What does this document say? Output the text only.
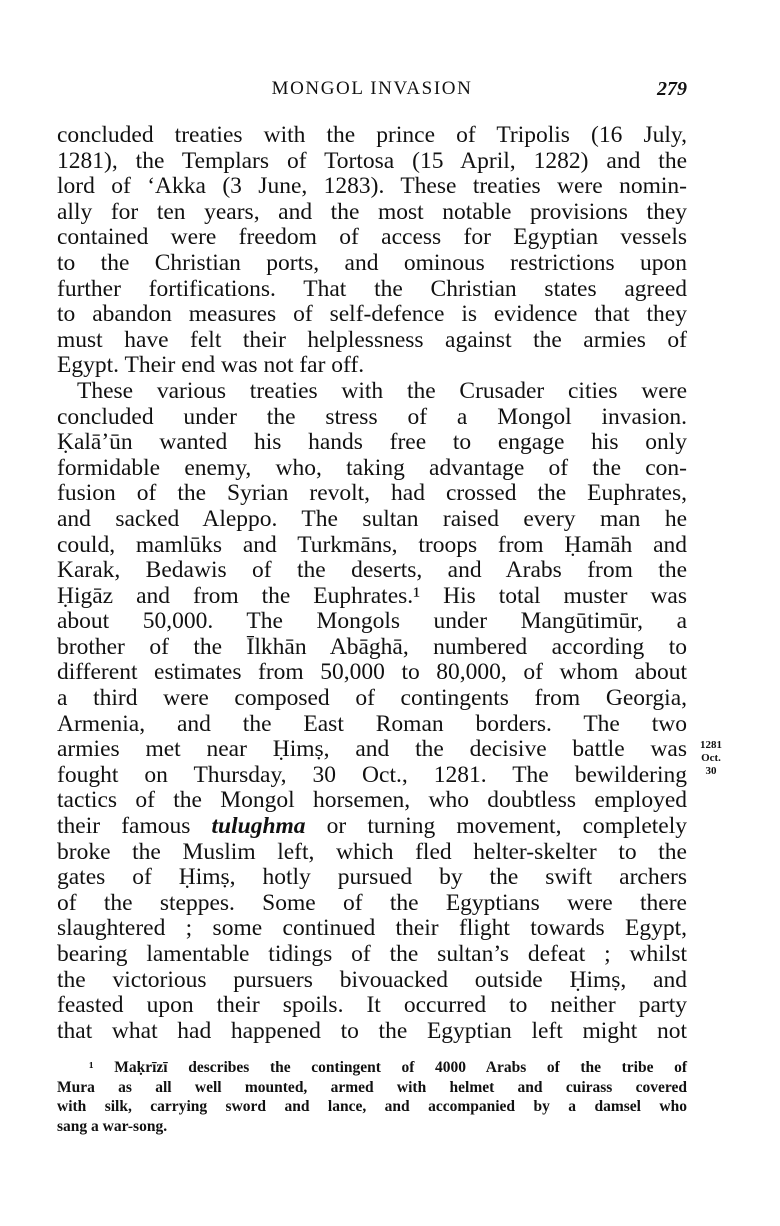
MONGOL INVASION	279
concluded treaties with the prince of Tripolis (16 July,
1281), the Templars of Tortosa (15 April, 1282) and the
lord of ‘Akka (3 June, 1283). These treaties were nomin-
ally for ten years, and the most notable provisions they
contained were freedom of access for Egyptian vessels
to the Christian ports, and ominous restrictions upon
further fortifications. That the Christian states agreed
to abandon measures of self-defence is evidence that they
must have felt their helplessness against the armies of
Egypt. Their end was not far off.
These various treaties with the Crusader cities were
concluded under the stress of a Mongol invasion.
Ḳalā’ūn wanted his hands free to engage his only
formidable enemy, who, taking advantage of the con-
fusion of the Syrian revolt, had crossed the Euphrates,
and sacked Aleppo. The sultan raised every man he
could, mamlūks and Turkmāns, troops from Ḥamāh and
Karak, Bedawis of the deserts, and Arabs from the
Ḥigāz and from the Euphrates.¹ His total muster was
about 50,000. The Mongols under Mangūtimūr, a
brother of the Īlkhān Abāghā, numbered according to
different estimates from 50,000 to 80,000, of whom about
a third were composed of contingents from Georgia,
Armenia, and the East Roman borders. The two
armies met near Ḥimṣ, and the decisive battle was
fought on Thursday, 30 Oct., 1281. The bewildering
tactics of the Mongol horsemen, who doubtless employed
their famous tulughma or turning movement, completely
broke the Muslim left, which fled helter-skelter to the
gates of Ḥimṣ, hotly pursued by the swift archers
of the steppes. Some of the Egyptians were there
slaughtered ; some continued their flight towards Egypt,
bearing lamentable tidings of the sultan’s defeat ; whilst
the victorious pursuers bivouacked outside Ḥimṣ, and
feasted upon their spoils. It occurred to neither party
that what had happened to the Egyptian left might not
1281
Oct.
30
¹ Maḳrīzī describes the contingent of 4000 Arabs of the tribe of
Mura as all well mounted, armed with helmet and cuirass covered
with silk, carrying sword and lance, and accompanied by a damsel who
sang a war-song.
